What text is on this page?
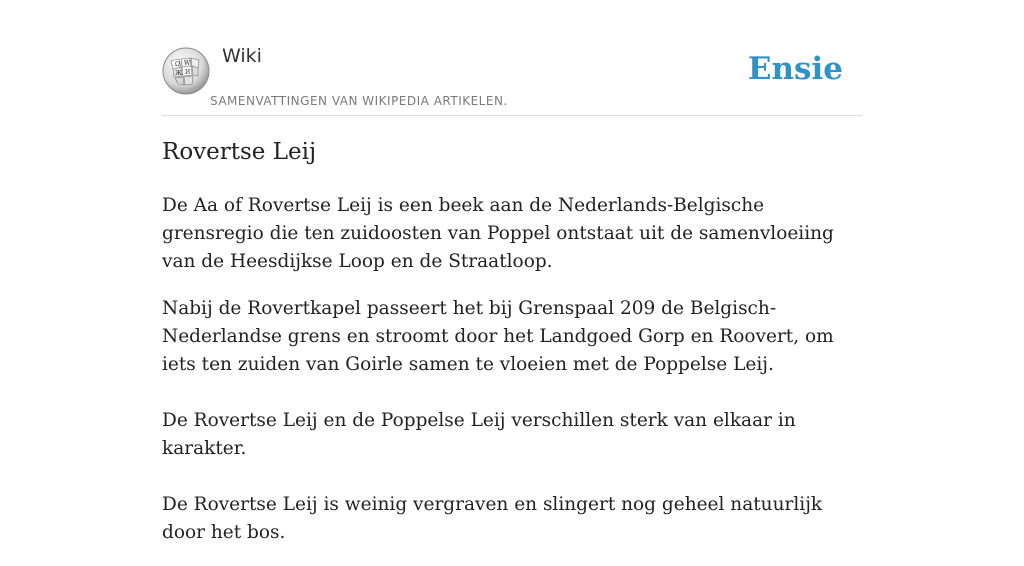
Ω W
Ж И
Wiki
SAMENVATTINGEN VAN WIKIPEDIA ARTIKELEN.
Ensie
Rovertse Leij

De Aa of Rovertse Leij is een beek aan de Nederlands-Belgische grensregio die ten zuidoosten van Poppel ontstaat uit de samenvloeiing van de Heesdijkse Loop en de Straatloop.

Nabij de Rovertkapel passeert het bij Grenspaal 209 de Belgisch-Nederlandse grens en stroomt door het Landgoed Gorp en Roovert, om iets ten zuiden van Goirle samen te vloeien met de Poppelse Leij.

De Rovertse Leij en de Poppelse Leij verschillen sterk van elkaar in karakter.

De Rovertse Leij is weinig vergraven en slingert nog geheel natuurlijk door het bos.
